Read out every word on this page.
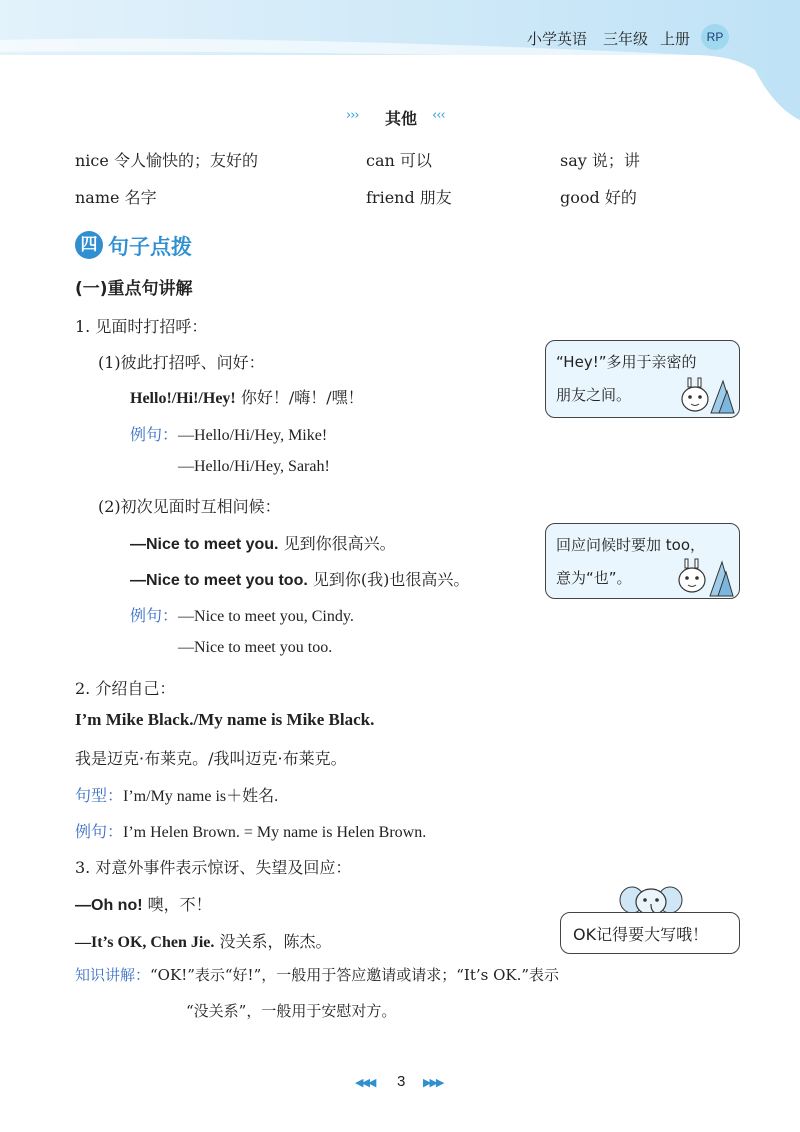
小学英语 三年级 上册	RP
››› 其他 ‹‹‹
nice 令人愉快的；友好的	can 可以	say 说；讲
name 名字	friend 朋友	good 好的
四 句子点拨
(一)重点句讲解
1. 见面时打招呼：
(1)彼此打招呼、问好：
Hello!/Hi!/Hey! 你好！/嗨！/嘿！
例句：—Hello/Hi/Hey, Mike!
—Hello/Hi/Hey, Sarah!
(2)初次见面时互相问候：
—Nice to meet you. 见到你很高兴。
—Nice to meet you too. 见到你(我)也很高兴。
例句：—Nice to meet you, Cindy.
—Nice to meet you too.
“Hey!”多用于亲密的
朋友之间。
回应问候时要加 too，
意为“也”。
2. 介绍自己：
I’m Mike Black./My name is Mike Black.
我是迈克·布莱克。/我叫迈克·布莱克。
句型：I’m/My name is＋姓名.
例句：I’m Helen Brown. = My name is Helen Brown.
3. 对意外事件表示惊讶、失望及回应：
—Oh no! 噢，不！
—It’s OK, Chen Jie. 没关系，陈杰。
知识讲解：“OK!”表示“好!”，一般用于答应邀请或请求；“It’s OK.”表示
“没关系”，一般用于安慰对方。
OK记得要大写哦！
◀◀◀ 3 ▶▶▶
